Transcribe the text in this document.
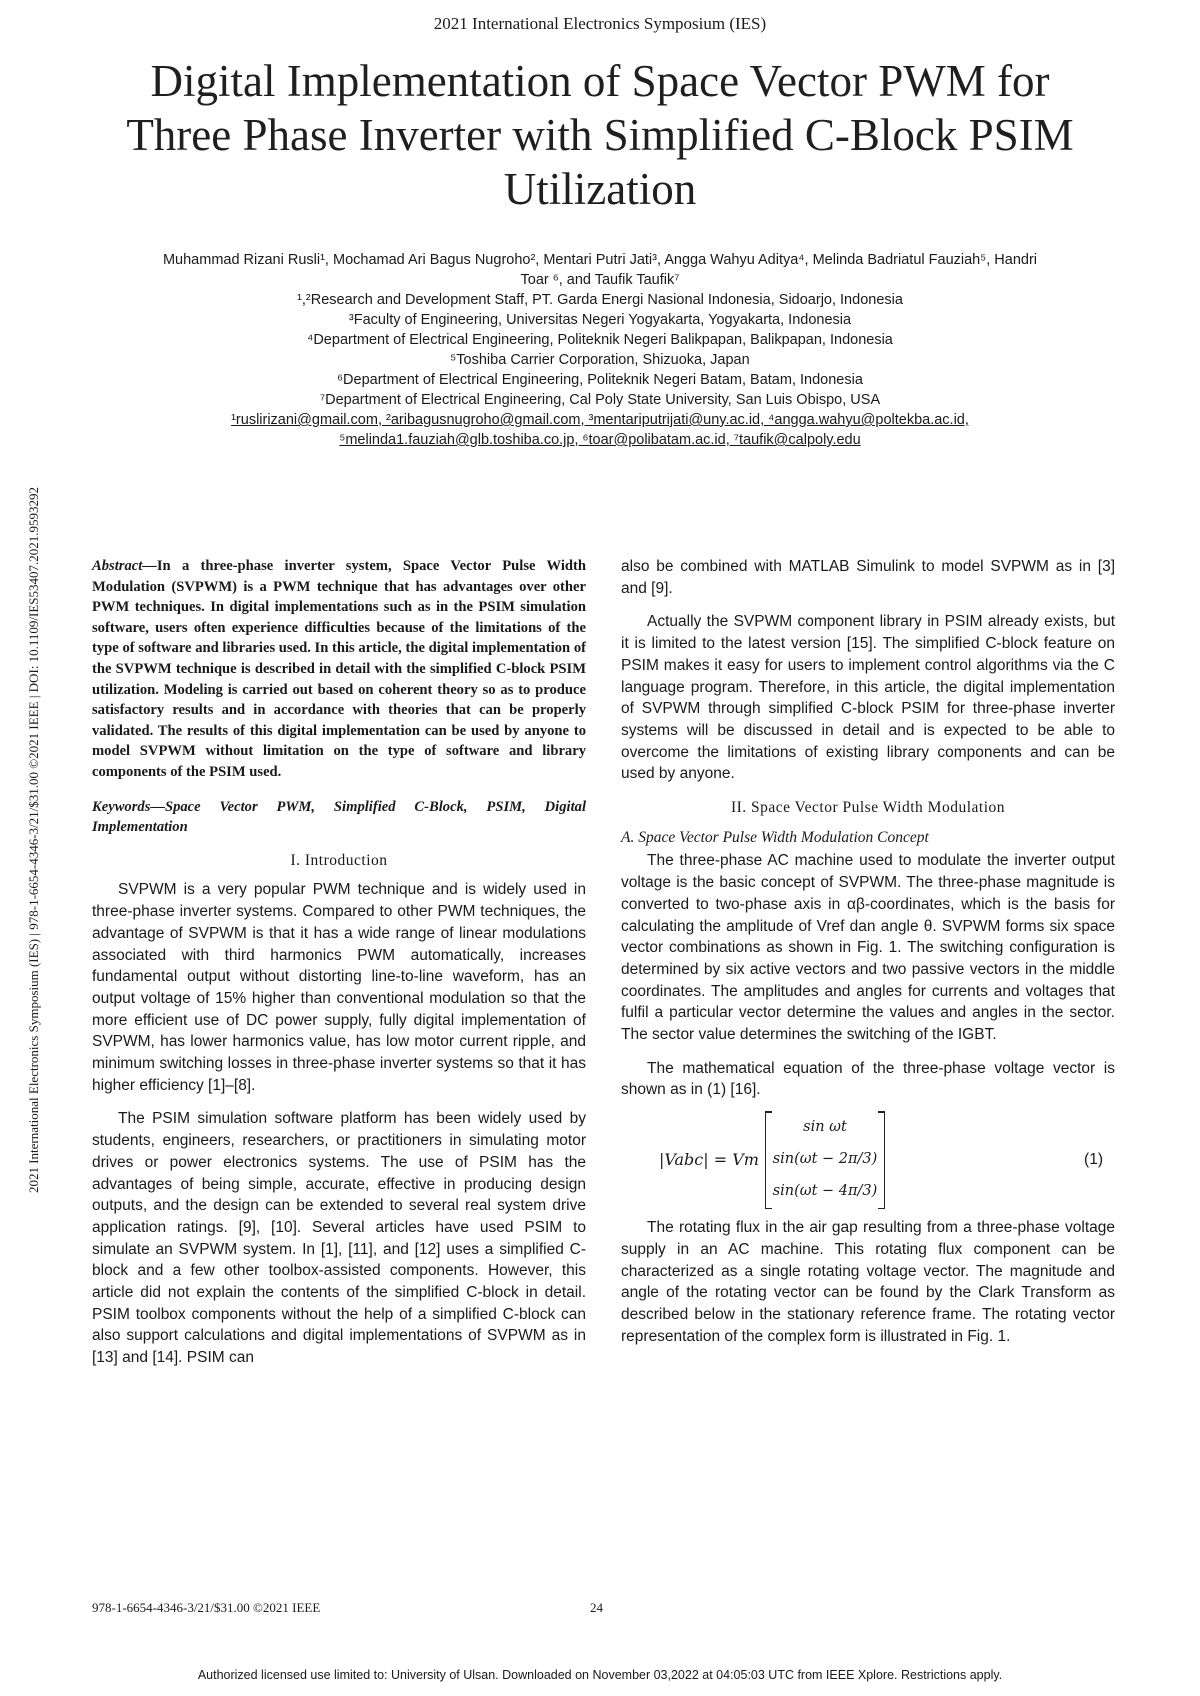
2021 International Electronics Symposium (IES)
Digital Implementation of Space Vector PWM for
Three Phase Inverter with Simplified C-Block PSIM
Utilization
Muhammad Rizani Rusli¹, Mochamad Ari Bagus Nugroho², Mentari Putri Jati³, Angga Wahyu Aditya⁴, Melinda Badriatul Fauziah⁵, Handri
Toar ⁶, and Taufik Taufik⁷
¹,²Research and Development Staff, PT. Garda Energi Nasional Indonesia, Sidoarjo, Indonesia
³Faculty of Engineering, Universitas Negeri Yogyakarta, Yogyakarta, Indonesia
⁴Department of Electrical Engineering, Politeknik Negeri Balikpapan, Balikpapan, Indonesia
⁵Toshiba Carrier Corporation, Shizuoka, Japan
⁶Department of Electrical Engineering, Politeknik Negeri Batam, Batam, Indonesia
⁷Department of Electrical Engineering, Cal Poly State University, San Luis Obispo, USA
¹ruslirizani@gmail.com, ²aribagusnugroho@gmail.com, ³mentariputrijati@uny.ac.id, ⁴angga.wahyu@poltekba.ac.id,
⁵melinda1.fauziah@glb.toshiba.co.jp, ⁶toar@polibatam.ac.id, ⁷taufik@calpoly.edu
2021 International Electronics Symposium (IES) | 978-1-6654-4346-3/21/$31.00 ©2021 IEEE | DOI: 10.1109/IES53407.2021.9593292	Abstract—In a three-phase inverter system, Space Vector Pulse Width Modulation (SVPWM) is a PWM technique that has advantages over other PWM techniques. In digital implementations such as in the PSIM simulation software, users often experience difficulties because of the limitations of the type of software and libraries used. In this article, the digital implementation of the SVPWM technique is described in detail with the simplified C-block PSIM utilization. Modeling is carried out based on coherent theory so as to produce satisfactory results and in accordance with theories that can be properly validated. The results of this digital implementation can be used by anyone to model SVPWM without limitation on the type of software and library components of the PSIM used.

Keywords—Space Vector PWM, Simplified C-Block, PSIM, Digital Implementation

I. Introduction

SVPWM is a very popular PWM technique and is widely used in three-phase inverter systems. Compared to other PWM techniques, the advantage of SVPWM is that it has a wide range of linear modulations associated with third harmonics PWM automatically, increases fundamental output without distorting line-to-line waveform, has an output voltage of 15% higher than conventional modulation so that the more efficient use of DC power supply, fully digital implementation of SVPWM, has lower harmonics value, has low motor current ripple, and minimum switching losses in three-phase inverter systems so that it has higher efficiency [1]–[8].

The PSIM simulation software platform has been widely used by students, engineers, researchers, or practitioners in simulating motor drives or power electronics systems. The use of PSIM has the advantages of being simple, accurate, effective in producing design outputs, and the design can be extended to several real system drive application ratings. [9], [10]. Several articles have used PSIM to simulate an SVPWM system. In [1], [11], and [12] uses a simplified C-block and a few other toolbox-assisted components. However, this article did not explain the contents of the simplified C-block in detail. PSIM toolbox components without the help of a simplified C-block can also support calculations and digital implementations of SVPWM as in [13] and [14]. PSIM can

also be combined with MATLAB Simulink to model SVPWM as in [3] and [9].

Actually the SVPWM component library in PSIM already exists, but it is limited to the latest version [15]. The simplified C-block feature on PSIM makes it easy for users to implement control algorithms via the C language program. Therefore, in this article, the digital implementation of SVPWM through simplified C-block PSIM for three-phase inverter systems will be discussed in detail and is expected to be able to overcome the limitations of existing library components and can be used by anyone.

II. Space Vector Pulse Width Modulation
A. Space Vector Pulse Width Modulation Concept

The three-phase AC machine used to modulate the inverter output voltage is the basic concept of SVPWM. The three-phase magnitude is converted to two-phase axis in αβ-coordinates, which is the basis for calculating the amplitude of Vref dan angle θ. SVPWM forms six space vector combinations as shown in Fig. 1. The switching configuration is determined by six active vectors and two passive vectors in the middle coordinates. The amplitudes and angles for currents and voltages that fulfil a particular vector determine the values and angles in the sector. The sector value determines the switching of the IGBT.

The mathematical equation of the three-phase voltage vector is shown as in (1) [16].

|Vabc| = Vm
sin ωt
sin(ωt − 2π/3)
sin(ωt − 4π/3)
(1)

The rotating flux in the air gap resulting from a three-phase voltage supply in an AC machine. This rotating flux component can be characterized as a single rotating voltage vector. The magnitude and angle of the rotating vector can be found by the Clark Transform as described below in the stationary reference frame. The rotating vector representation of the complex form is illustrated in Fig. 1.

978-1-6654-4346-3/21/$31.00 ©2021 IEEE	24
Authorized licensed use limited to: University of Ulsan. Downloaded on November 03,2022 at 04:05:03 UTC from IEEE Xplore. Restrictions apply.
